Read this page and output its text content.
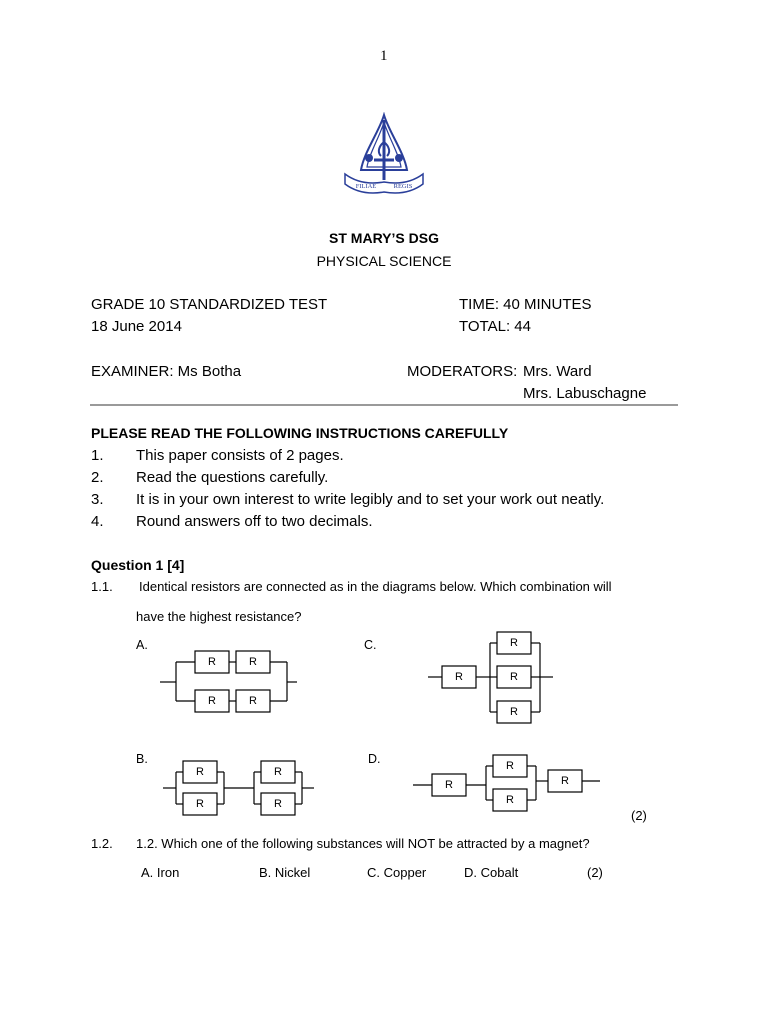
1
FILIAE	REGIS
ST MARY’S DSG
PHYSICAL SCIENCE
GRADE 10 STANDARDIZED TEST
18 June 2014
TIME: 40 MINUTES
TOTAL: 44
EXAMINER: Ms Botha	MODERATORS: Mrs. Ward
Mrs. Labuschagne
PLEASE READ THE FOLLOWING INSTRUCTIONS CAREFULLY
1. This paper consists of 2 pages.
2. Read the questions carefully.
3. It is in your own interest to write legibly and to set your work out neatly.
4. Round answers off to two decimals.
Question 1 [4]
1.1. Identical resistors are connected as in the diagrams below. Which combination will
have the highest resistance?
A.
B.
C.
D.
R	R
R	R
R
R
R
R
R
R
R
R
R
R
R
R
(2)
1.2. 1.2. Which one of the following substances will NOT be attracted by a magnet?
A. Iron	B. Nickel	C. Copper	D. Cobalt	(2)
